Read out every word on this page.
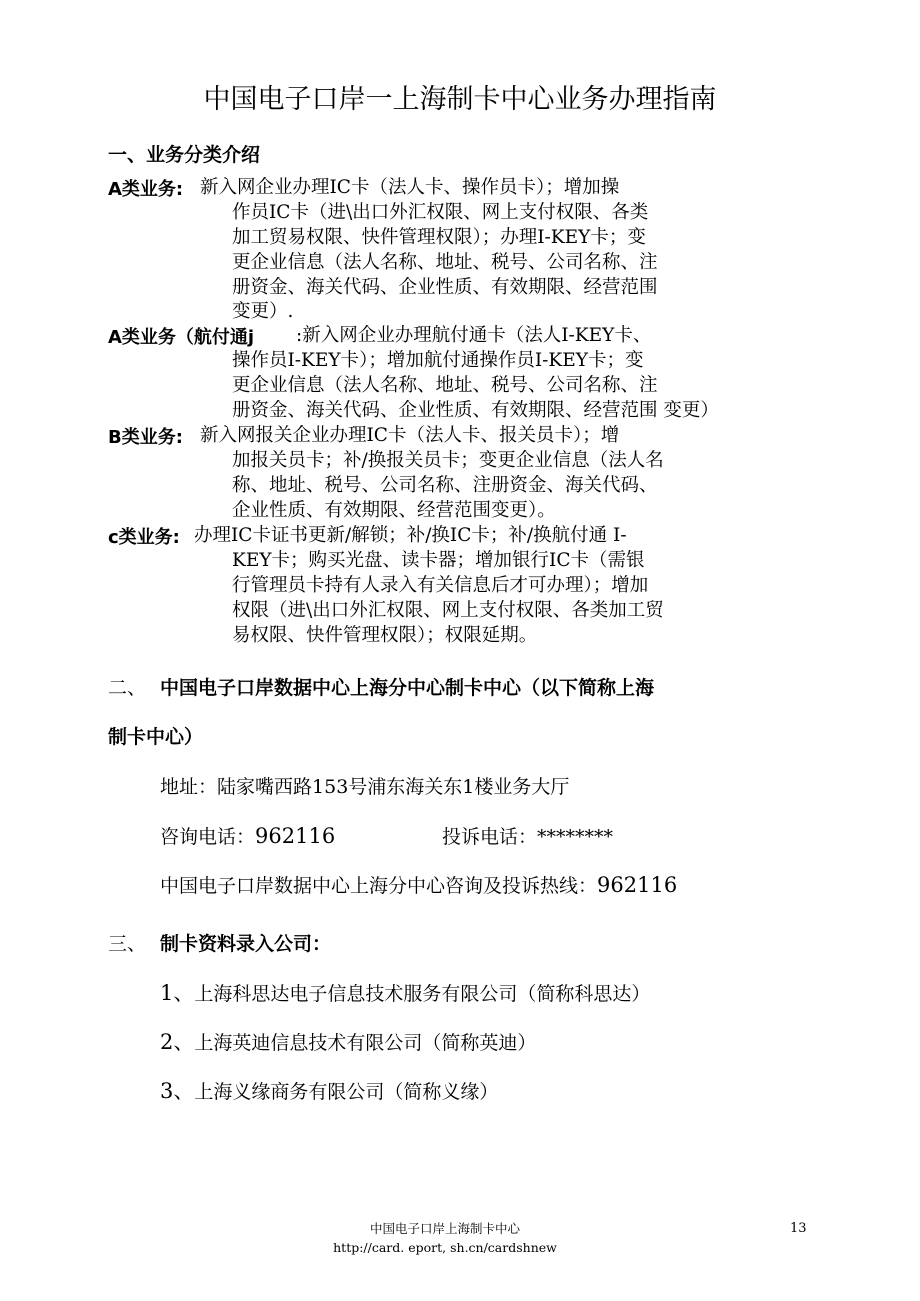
中国电子口岸一上海制卡中心业务办理指南
一、业务分类介绍
A类业务: 新入网企业办理IC卡（法人卡、操作员卡）；增加操
作员IC卡（进\出口外汇权限、网上支付权限、各类
加工贸易权限、快件管理权限）；办理I-KEY卡；变
更企业信息（法人名称、地址、税号、公司名称、注
册资金、海关代码、企业性质、有效期限、经营范围
变更）.
A类业务（航付通j :新入网企业办理航付通卡（法人I-KEY卡、
操作员I-KEY卡）；增加航付通操作员I-KEY卡；变
更企业信息（法人名称、地址、税号、公司名称、注
册资金、海关代码、企业性质、有效期限、经营范围 变更）
B类业务: 新入网报关企业办理IC卡（法人卡、报关员卡）；增
加报关员卡；补/换报关员卡；变更企业信息（法人名
称、地址、税号、公司名称、注册资金、海关代码、
企业性质、有效期限、经营范围变更）。
c类业务: 办理IC卡证书更新/解锁；补/换IC卡；补/换航付通 I-
KEY卡；购买光盘、读卡器；增加银行IC卡（需银
行管理员卡持有人录入有关信息后才可办理）；增加
权限（进\出口外汇权限、网上支付权限、各类加工贸
易权限、快件管理权限）；权限延期。
二、 中国电子口岸数据中心上海分中心制卡中心（以下简称上海
制卡中心）
地址：陆家嘴西路153号浦东海关东1楼业务大厅
咨询电话：962116	投诉电话：********
中国电子口岸数据中心上海分中心咨询及投诉热线：962116
三、 制卡资料录入公司：
1、上海科思达电子信息技术服务有限公司（简称科思达）
2、上海英迪信息技术有限公司（简称英迪）
3、上海义缘商务有限公司（简称义缘）
中国电子口岸上海制卡中心
http://card. eport, sh.cn/cardshnew
13
